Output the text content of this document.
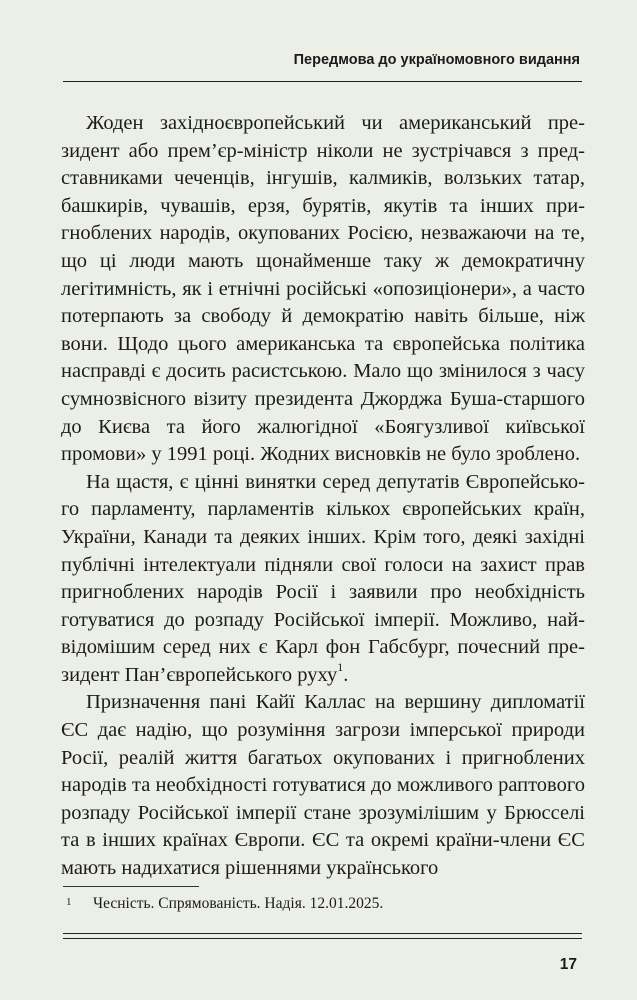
Передмова до україномовного видання

Жоден західноєвропейський чи американський президент або прем’єр-міністр ніколи не зустрічався з представниками чеченців, інгушів, калмиків, волзьких татар, башкирів, чувашів, ерзя, бурятів, якутів та інших пригноблених народів, окупованих Росією, незважаючи на те, що ці люди мають щонайменше таку ж демократичну легітимність, як і етнічні російські «опозиціонери», а часто потерпають за свободу й демократію навіть більше, ніж вони. Щодо цього американська та європейська політика насправді є досить расистською. Мало що змінилося з часу сумнозвісного візиту президента Джорджа Буша-старшого до Києва та його жалюгідної «Боягузливої київської промови» у 1991 році. Жодних висновків не було зроблено.

На щастя, є цінні винятки серед депутатів Європейського парламенту, парламентів кількох європейських країн, України, Канади та деяких інших. Крім того, деякі західні публічні інтелектуали підняли свої голоси на захист прав пригноблених народів Росії і заявили про необхідність готуватися до розпаду Російської імперії. Можливо, найвідомішим серед них є Карл фон Габсбург, почесний президент Пан’європейського руху$^1$.

Призначення пані Кайї Каллас на вершину дипломатії ЄС дає надію, що розуміння загрози імперської природи Росії, реалій життя багатьох окупованих і пригноблених народів та необхідності готуватися до можливого раптового розпаду Російської імперії стане зрозумілішим у Брюсселі та в інших країнах Європи. ЄС та окремі країни-члени ЄС мають надихатися рішеннями українського

1 Чесність. Спрямованість. Надія. 12.01.2025.
17
